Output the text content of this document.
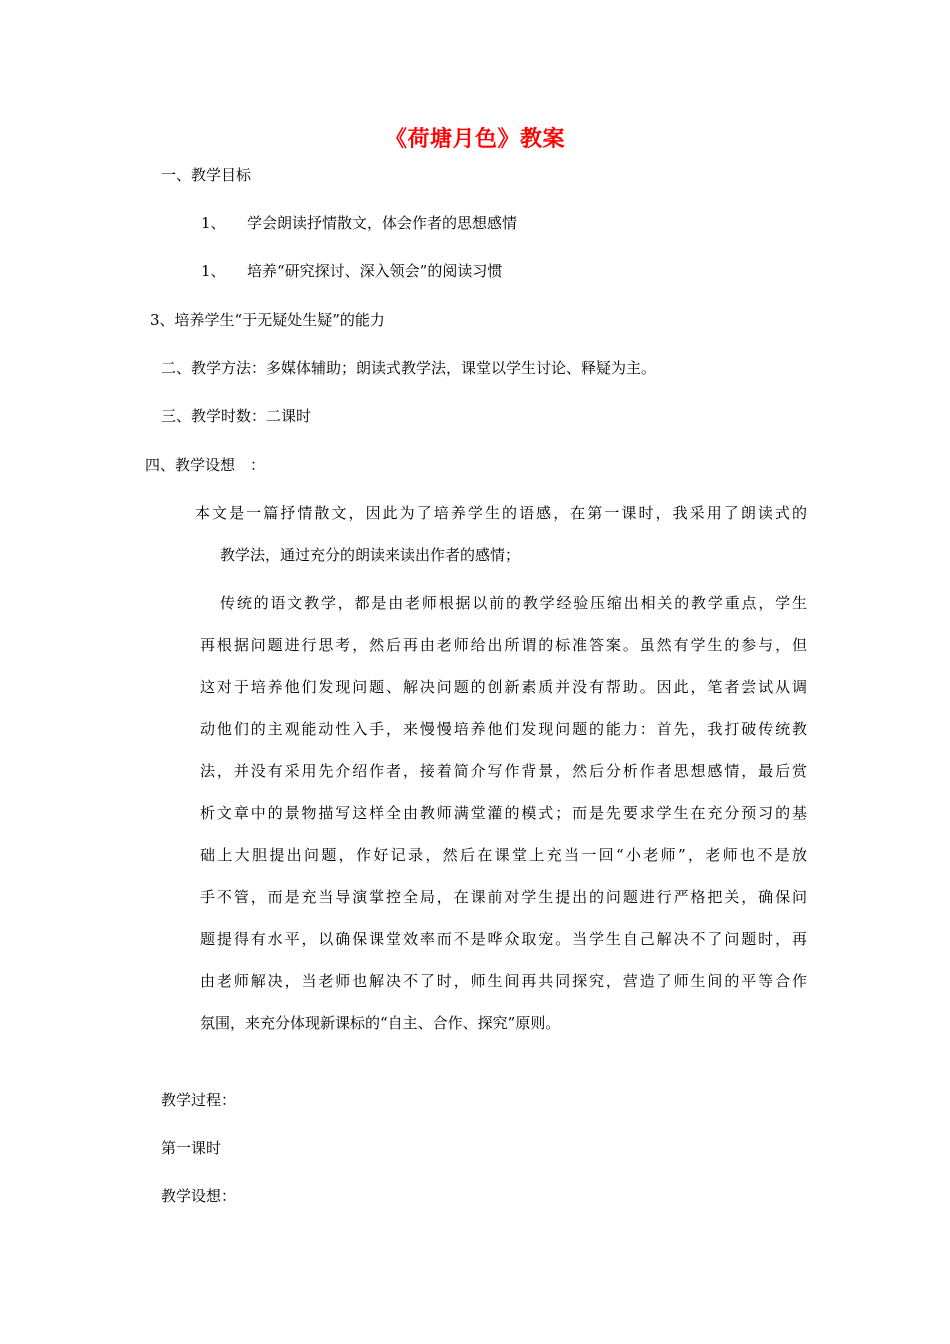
《荷塘月色》教案
一、教学目标
1、 学会朗读抒情散文，体会作者的思想感情
1、 培养“研究探讨、深入领会”的阅读习惯
3、培养学生“于无疑处生疑”的能力
二、教学方法：多媒体辅助；朗读式教学法，课堂以学生讨论、释疑为主。
三、教学时数：二课时
四、教学设想　：
本文是一篇抒情散文，因此为了培养学生的语感，在第一课时，我采用了朗读式的
教学法，通过充分的朗读来读出作者的感情；
传统的语文教学，都是由老师根据以前的教学经验压缩出相关的教学重点，学生
再根据问题进行思考，然后再由老师给出所谓的标准答案。虽然有学生的参与，但
这对于培养他们发现问题、解决问题的创新素质并没有帮助。因此，笔者尝试从调
动他们的主观能动性入手，来慢慢培养他们发现问题的能力：首先，我打破传统教
法，并没有采用先介绍作者，接着简介写作背景，然后分析作者思想感情，最后赏
析文章中的景物描写这样全由教师满堂灌的模式；而是先要求学生在充分预习的基
础上大胆提出问题，作好记录，然后在课堂上充当一回“小老师”，老师也不是放
手不管，而是充当导演掌控全局，在课前对学生提出的问题进行严格把关，确保问
题提得有水平，以确保课堂效率而不是哗众取宠。当学生自己解决不了问题时，再
由老师解决，当老师也解决不了时，师生间再共同探究，营造了师生间的平等合作
氛围，来充分体现新课标的“自主、合作、探究”原则。
教学过程：
第一课时
教学设想：
